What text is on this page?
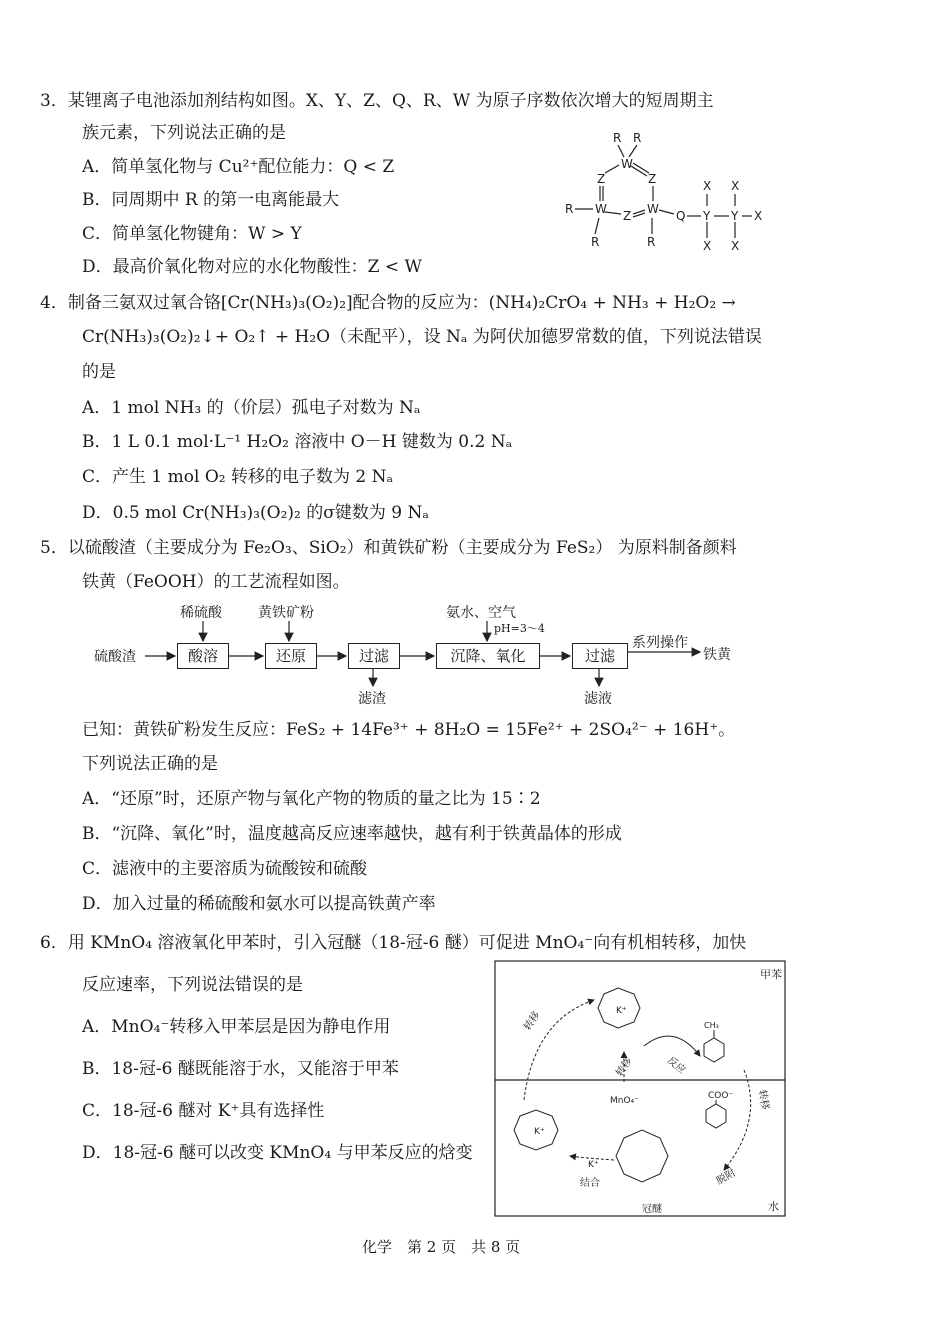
3．某锂离子电池添加剂结构如图。X、Y、Z、Q、R、W 为原子序数依次增大的短周期主
族元素，下列说法正确的是
A．简单氢化物与 Cu²⁺配位能力：Q < Z
B．同周期中 R 的第一电离能最大
C．简单氢化物键角：W > Y
D．最高价氧化物对应的水化物酸性：Z < W
R R
W
Z	Z
R W Z W Q Y Y
X X
X
X X
R	R
4．制备三氨双过氧合铬[Cr(NH₃)₃(O₂)₂]配合物的反应为：(NH₄)₂CrO₄ + NH₃ + H₂O₂ →
Cr(NH₃)₃(O₂)₂↓+ O₂↑ + H₂O（未配平），设 Nₐ 为阿伏加德罗常数的值，下列说法错误
的是
A．1 mol NH₃ 的（价层）孤电子对数为 Nₐ
B．1 L 0.1 mol·L⁻¹ H₂O₂ 溶液中 O－H 键数为 0.2 Nₐ
C．产生 1 mol O₂ 转移的电子数为 2 Nₐ
D．0.5 mol Cr(NH₃)₃(O₂)₂ 的σ键数为 9 Nₐ
5．以硫酸渣（主要成分为 Fe₂O₃、SiO₂）和黄铁矿粉（主要成分为 FeS₂） 为原料制备颜料
铁黄（FeOOH）的工艺流程如图。
硫酸渣
稀硫酸	黄铁矿粉	氨水、空气
pH=3～4
滤渣	滤液
系列操作
铁黄
酸溶	还原	过滤	沉降、氧化	过滤
已知：黄铁矿粉发生反应：FeS₂ + 14Fe³⁺ + 8H₂O = 15Fe²⁺ + 2SO₄²⁻ + 16H⁺。
下列说法正确的是
A．“还原”时，还原产物与氧化产物的物质的量之比为 15∶2
B．“沉降、氧化”时，温度越高反应速率越快，越有利于铁黄晶体的形成
C．滤液中的主要溶质为硫酸铵和硫酸
D．加入过量的稀硫酸和氨水可以提高铁黄产率
6．用 KMnO₄ 溶液氧化甲苯时，引入冠醚（18-冠-6 醚）可促进 MnO₄⁻向有机相转移，加快
反应速率，下列说法错误的是
A．MnO₄⁻转移入甲苯层是因为静电作用
B．18-冠-6 醚既能溶于水，又能溶于甲苯
C．18-冠-6 醚对 K⁺具有选择性
D．18-冠-6 醚可以改变 KMnO₄ 与甲苯反应的焓变
甲苯
水
转移
转移	反应
转移
脱附
结合
冠醚
K⁺
K⁺
K⁺
MnO₄⁻
CH₃
COO⁻
化学　第 2 页　共 8 页
